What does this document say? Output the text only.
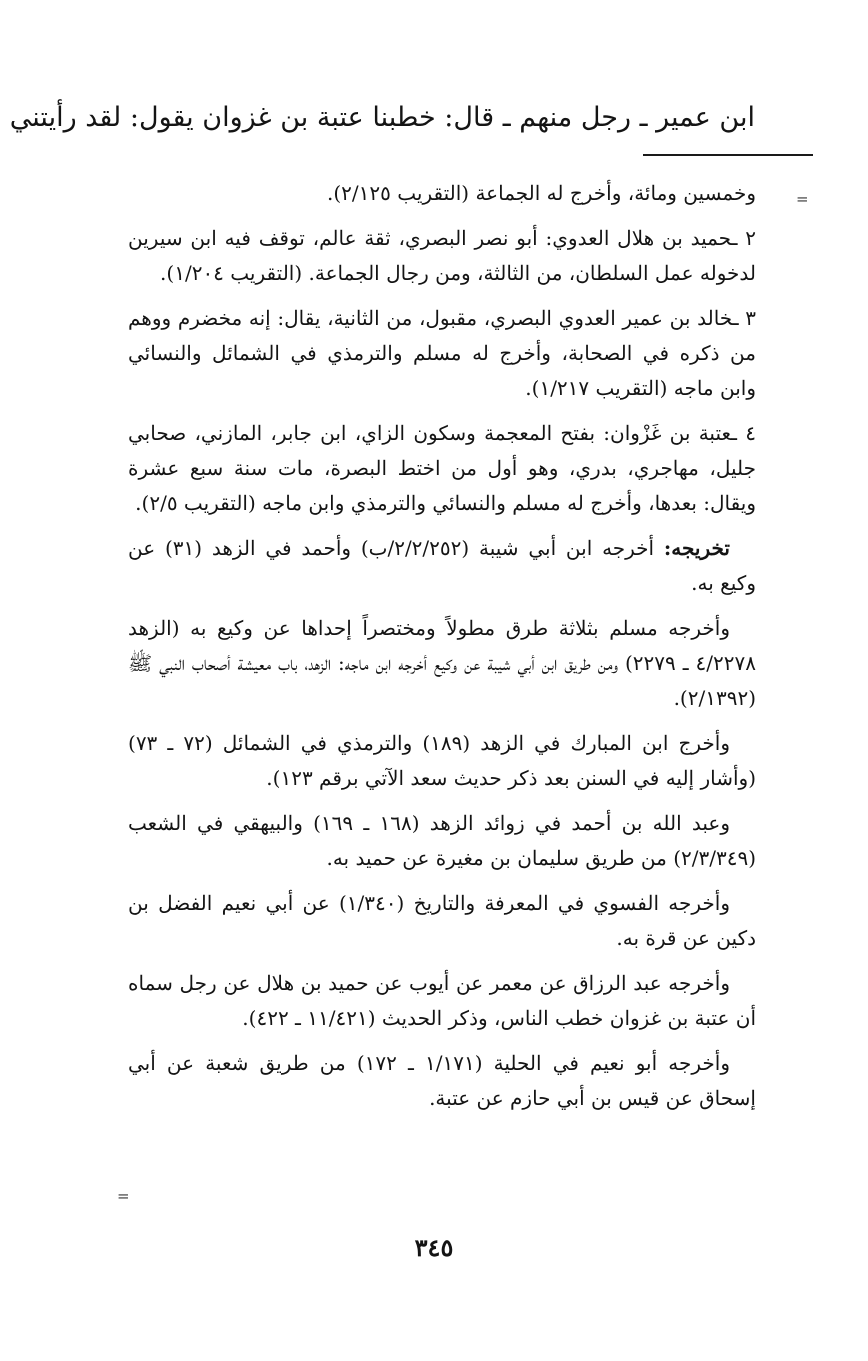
ابن عمير ـ رجل منهم ـ قال: خطبنا عتبة بن غزوان يقول: لقد رأيتني
=

وخمسين ومائة، وأخرج له الجماعة (التقريب ٢/١٢٥).

٢ ـحميد بن هلال العدوي: أبو نصر البصري، ثقة عالم، توقف فيه ابن سيرين لدخوله عمل السلطان، من الثالثة، ومن رجال الجماعة. (التقريب ١/٢٠٤).

٣ ـخالد بن عمير العدوي البصري، مقبول، من الثانية، يقال: إنه مخضرم ووهم من ذكره في الصحابة، وأخرج له مسلم والترمذي في الشمائل والنسائي وابن ماجه (التقريب ١/٢١٧).

٤ ـعتبة بن غَزْوان: بفتح المعجمة وسكون الزاي، ابن جابر، المازني، صحابي جليل، مهاجري، بدري، وهو أول من اختط البصرة، مات سنة سبع عشرة ويقال: بعدها، وأخرج له مسلم والنسائي والترمذي وابن ماجه (التقريب ٢/٥).

تخريجه: أخرجه ابن أبي شيبة (٢/٢/٢٥٢/ب) وأحمد في الزهد (٣١) عن وكيع به.

وأخرجه مسلم بثلاثة طرق مطولاً ومختصراً إحداها عن وكيع به (الزهد ٤/٢٢٧٨ ـ ٢٢٧٩) ومن طريق ابن أبي شيبة عن وكيع أخرجه ابن ماجه: الزهد، باب معيشة أصحاب النبي ﷺ (٢/١٣٩٢).

وأخرج ابن المبارك في الزهد (١٨٩) والترمذي في الشمائل (٧٢ ـ ٧٣) (وأشار إليه في السنن بعد ذكر حديث سعد الآتي برقم ١٢٣).

وعبد الله بن أحمد في زوائد الزهد (١٦٨ ـ ١٦٩) والبيهقي في الشعب (٢/٣/٣٤٩) من طريق سليمان بن مغيرة عن حميد به.

وأخرجه الفسوي في المعرفة والتاريخ (١/٣٤٠) عن أبي نعيم الفضل بن دكين عن قرة به.

وأخرجه عبد الرزاق عن معمر عن أيوب عن حميد بن هلال عن رجل سماه أن عتبة بن غزوان خطب الناس، وذكر الحديث (١١/٤٢١ ـ ٤٢٢).

وأخرجه أبو نعيم في الحلية (١/١٧١ ـ ١٧٢) من طريق شعبة عن أبي إسحاق عن قيس بن أبي حازم عن عتبة.

=
٣٤٥
